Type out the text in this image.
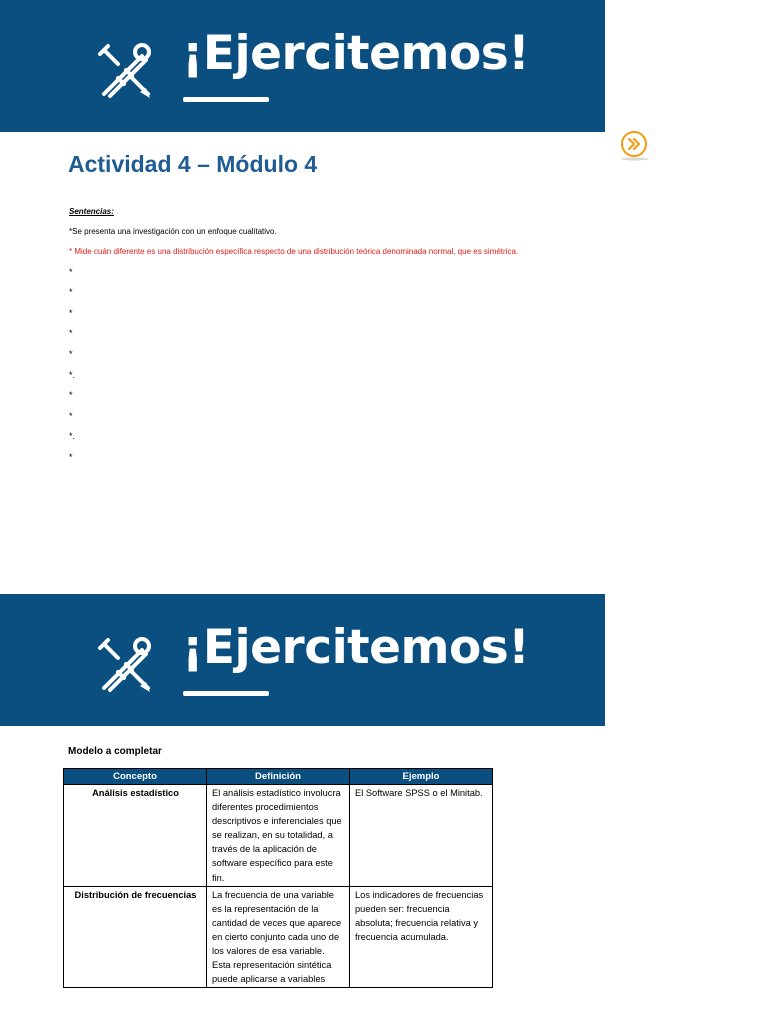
¡Ejercitemos!
Actividad 4 – Módulo 4
Sentencias:
*Se presenta una investigación con un enfoque cualitativo.
* Mide cuán diferente es una distribución específica respecto de una distribución teórica denominada normal, que es simétrica.
*
*
*
*
*
*.
*
*
*.
*
¡Ejercitemos!
Modelo a completar
Concepto	Definición	Ejemplo
Análisis estadístico	El análisis estadístico involucra diferentes procedimientos descriptivos e inferenciales que se realizan, en su totalidad, a través de la aplicación de software específico para este fin.	El Software SPSS o el Minitab.
Distribución de frecuencias	La frecuencia de una variable es la representación de la cantidad de veces que aparece en cierto conjunto cada uno de los valores de esa variable. Esta representación sintética puede aplicarse a variables	Los indicadores de frecuencias pueden ser: frecuencia absoluta; frecuencia relativa y frecuencia acumulada.
